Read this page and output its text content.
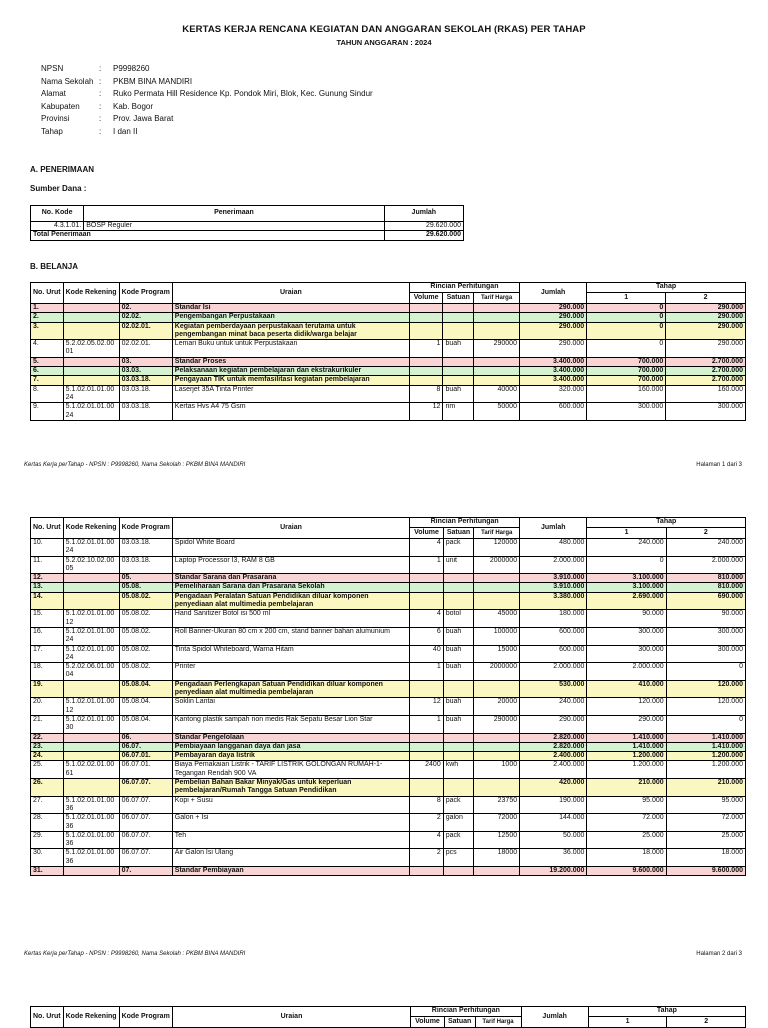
KERTAS KERJA RENCANA KEGIATAN DAN ANGGARAN SEKOLAH (RKAS) PER TAHAP
TAHUN ANGGARAN : 2024
NPSN	:	P9998260
Nama Sekolah :	PKBM BINA MANDIRI
Alamat	:	Ruko Permata Hill Residence Kp. Pondok Miri, Blok, Kec. Gunung Sindur
Kabupaten	:	Kab. Bogor
Provinsi	:	Prov. Jawa Barat
Tahap	:	I dan II
A. PENERIMAAN
Sumber Dana :
No. Kode	Penerimaan	Jumlah
4.3.1.01.	BOSP Reguler	29.620.000
Total Penerimaan		29.620.000
B. BELANJA
No. Urut	Kode Rekening	Kode Program	Uraian	Rincian Perhitungan			Jumlah	Tahap	
				Volume	Satuan	Tarif Harga		1	2
1.		02.	Standar Isi				290.000	0	290.000
2.		02.02.	Pengembangan Perpustakaan				290.000	0	290.000
3.		02.02.01.	Kegiatan pemberdayaan perpustakaan terutama untuk pengembangan minat baca peserta didik/warga belajar				290.000	0	290.000
4.	5.2.02.05.02.0001	02.02.01.	Lemari Buku untuk untuk Perpustakaan	1	buah	290000	290.000	0	290.000
5.		03.	Standar Proses				3.400.000	700.000	2.700.000
6.		03.03.	Pelaksanaan kegiatan pembelajaran dan ekstrakurikuler				3.400.000	700.000	2.700.000
7.		03.03.18.	Pengayaan TIK untuk memfasilitasi kegiatan pembelajaran				3.400.000	700.000	2.700.000
8.	5.1.02.01.01.0024	03.03.18.	Laserjet 35A Tinta Printer	8	buah	40000	320.000	160.000	160.000
9.	5.1.02.01.01.0024	03.03.18.	Kertas Hvs A4 75 Gsm	12	rim	50000	600.000	300.000	300.000
Kertas Kerja perTahap - NPSN : P9998260, Nama Sekolah : PKBM BINA MANDIRI	Halaman 1 dari 3
No. Urut	Kode Rekening	Kode Program	Uraian	Rincian Perhitungan			Jumlah	Tahap	
				Volume	Satuan	Tarif Harga		1	2
10.	5.1.02.01.01.0024	03.03.18.	Spidol White Board	4	pack	120000	480.000	240.000	240.000
11.	5.2.02.10.02.0005	03.03.18.	Laptop Processor I3, RAM 8 GB	1	unit	2000000	2.000.000	0	2.000.000
12.		05.	Standar Sarana dan Prasarana				3.910.000	3.100.000	810.000
13.		05.08.	Pemeliharaan Sarana dan Prasarana Sekolah				3.910.000	3.100.000	810.000
14.		05.08.02.	Pengadaan Peralatan Satuan Pendidikan diluar komponen penyediaan alat multimedia pembelajaran				3.380.000	2.690.000	690.000
15.	5.1.02.01.01.0012	05.08.02.	Hand Sanitizer Botol isi 500 ml	4	botol	45000	180.000	90.000	90.000
16.	5.1.02.01.01.0024	05.08.02.	Roll Banner-Ukuran 80 cm x 200 cm, stand banner bahan alumunium	6	buah	100000	600.000	300.000	300.000
17.	5.1.02.01.01.0024	05.08.02.	Tinta Spidol Whiteboard, Warna Hitam	40	buah	15000	600.000	300.000	300.000
18.	5.2.02.06.01.0004	05.08.02.	Printer	1	buah	2000000	2.000.000	2.000.000	0
19.		05.08.04.	Pengadaan Perlengkapan Satuan Pendidikan diluar komponen penyediaan alat multimedia pembelajaran				530.000	410.000	120.000
20.	5.1.02.01.01.0012	05.08.04.	Soklin Lantai	12	buah	20000	240.000	120.000	120.000
21.	5.1.02.01.01.0030	05.08.04.	Kantong plastik sampah non medis Rak Sepatu Besar Lion Star	1	buah	290000	290.000	290.000	0
22.		06.	Standar Pengelolaan				2.820.000	1.410.000	1.410.000
23.		06.07.	Pembiayaan langganan daya dan jasa				2.820.000	1.410.000	1.410.000
24.		06.07.01.	Pembayaran daya listrik				2.400.000	1.200.000	1.200.000
25.	5.1.02.02.01.0061	06.07.01.	Biaya Pemakaian Listrik - TARIF LISTRIK GOLONGAN RUMAH-1-Tegangan Rendah 900 VA	2400	kwh	1000	2.400.000	1.200.000	1.200.000
26.		06.07.07.	Pembelian Bahan Bakar Minyak/Gas untuk keperluan pembelajaran/Rumah Tangga Satuan Pendidikan				420.000	210.000	210.000
27.	5.1.02.01.01.0036	06.07.07.	Kopi + Susu	8	pack	23750	190.000	95.000	95.000
28.	5.1.02.01.01.0036	06.07.07.	Galon + Isi	2	galon	72000	144.000	72.000	72.000
29.	5.1.02.01.01.0036	06.07.07.	Teh	4	pack	12500	50.000	25.000	25.000
30.	5.1.02.01.01.0036	06.07.07.	Air Galon Isi Ulang	2	pcs	18000	36.000	18.000	18.000
31.		07.	Standar Pembiayaan				19.200.000	9.600.000	9.600.000
Kertas Kerja perTahap - NPSN : P9998260, Nama Sekolah : PKBM BINA MANDIRI	Halaman 2 dari 3
No. Urut	Kode Rekening	Kode Program	Uraian	Rincian Perhitungan			Jumlah	Tahap	
				Volume	Satuan	Tarif Harga		1	2
